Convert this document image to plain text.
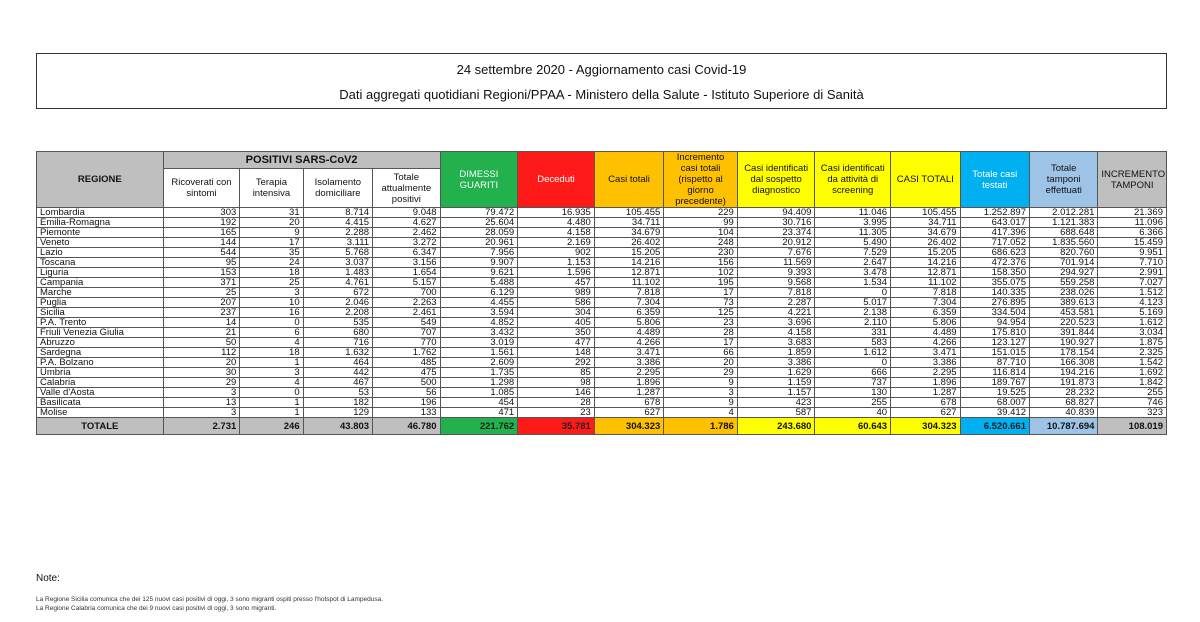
24 settembre 2020 - Aggiornamento casi Covid-19
Dati aggregati quotidiani Regioni/PPAA - Ministero della Salute - Istituto Superiore di Sanità
REGIONE	POSITIVI SARS-CoV2				DIMESSI GUARITI	Deceduti	Casi totali	Incremento casi totali (rispetto al giorno precedente)	Casi identificati dal sospetto diagnostico	Casi identificati da attività di screening	CASI TOTALI	Totale casi testati	Totale tamponi effettuati	INCREMENTO TAMPONI
	Ricoverati con sintomi	Terapia intensiva	Isolamento domiciliare	Totale attualmente positivi										
Lombardia	303	31	8.714	9.048	79.472	16.935	105.455	229	94.409	11.046	105.455	1.252.897	2.012.281	21.369
Emilia-Romagna	192	20	4.415	4.627	25.604	4.480	34.711	99	30.716	3.995	34.711	643.017	1.121.383	11.096
Piemonte	165	9	2.288	2.462	28.059	4.158	34.679	104	23.374	11.305	34.679	417.396	688.648	6.366
Veneto	144	17	3.111	3.272	20.961	2.169	26.402	248	20.912	5.490	26.402	717.052	1.835.560	15.459
Lazio	544	35	5.768	6.347	7.956	902	15.205	230	7.676	7.529	15.205	686.623	820.760	9.951
Toscana	95	24	3.037	3.156	9.907	1.153	14.216	156	11.569	2.647	14.216	472.376	701.914	7.710
Liguria	153	18	1.483	1.654	9.621	1.596	12.871	102	9.393	3.478	12.871	158.350	294.927	2.991
Campania	371	25	4.761	5.157	5.488	457	11.102	195	9.568	1.534	11.102	355.075	559.258	7.027
Marche	25	3	672	700	6.129	989	7.818	17	7.818	0	7.818	140.335	238.026	1.512
Puglia	207	10	2.046	2.263	4.455	586	7.304	73	2.287	5.017	7.304	276.895	389.613	4.123
Sicilia	237	16	2.208	2.461	3.594	304	6.359	125	4.221	2.138	6.359	334.504	453.581	5.169
P.A. Trento	14	0	535	549	4.852	405	5.806	23	3.696	2.110	5.806	94.954	220.523	1.612
Friuli Venezia Giulia	21	6	680	707	3.432	350	4.489	28	4.158	331	4.489	175.810	391.844	3.034
Abruzzo	50	4	716	770	3.019	477	4.266	17	3.683	583	4.266	123.127	190.927	1.875
Sardegna	112	18	1.632	1.762	1.561	148	3.471	66	1.859	1.612	3.471	151.015	178.154	2.325
P.A. Bolzano	20	1	464	485	2.609	292	3.386	20	3.386	0	3.386	87.710	166.308	1.542
Umbria	30	3	442	475	1.735	85	2.295	29	1.629	666	2.295	116.814	194.216	1.692
Calabria	29	4	467	500	1.298	98	1.896	9	1.159	737	1.896	189.767	191.873	1.842
Valle d'Aosta	3	0	53	56	1.085	146	1.287	3	1.157	130	1.287	19.525	28.232	255
Basilicata	13	1	182	196	454	28	678	9	423	255	678	68.007	68.827	746
Molise	3	1	129	133	471	23	627	4	587	40	627	39.412	40.839	323
TOTALE	2.731	246	43.803	46.780	221.762	35.781	304.323	1.786	243.680	60.643	304.323	6.520.661	10.787.694	108.019
Note:
La Regione Sicilia comunica che dei 125 nuovi casi positivi di oggi, 3 sono migranti ospiti presso l'hotspot di Lampedusa.
La Regione Calabria comunica che dei 9 nuovi casi positivi di oggi, 3 sono migranti.
